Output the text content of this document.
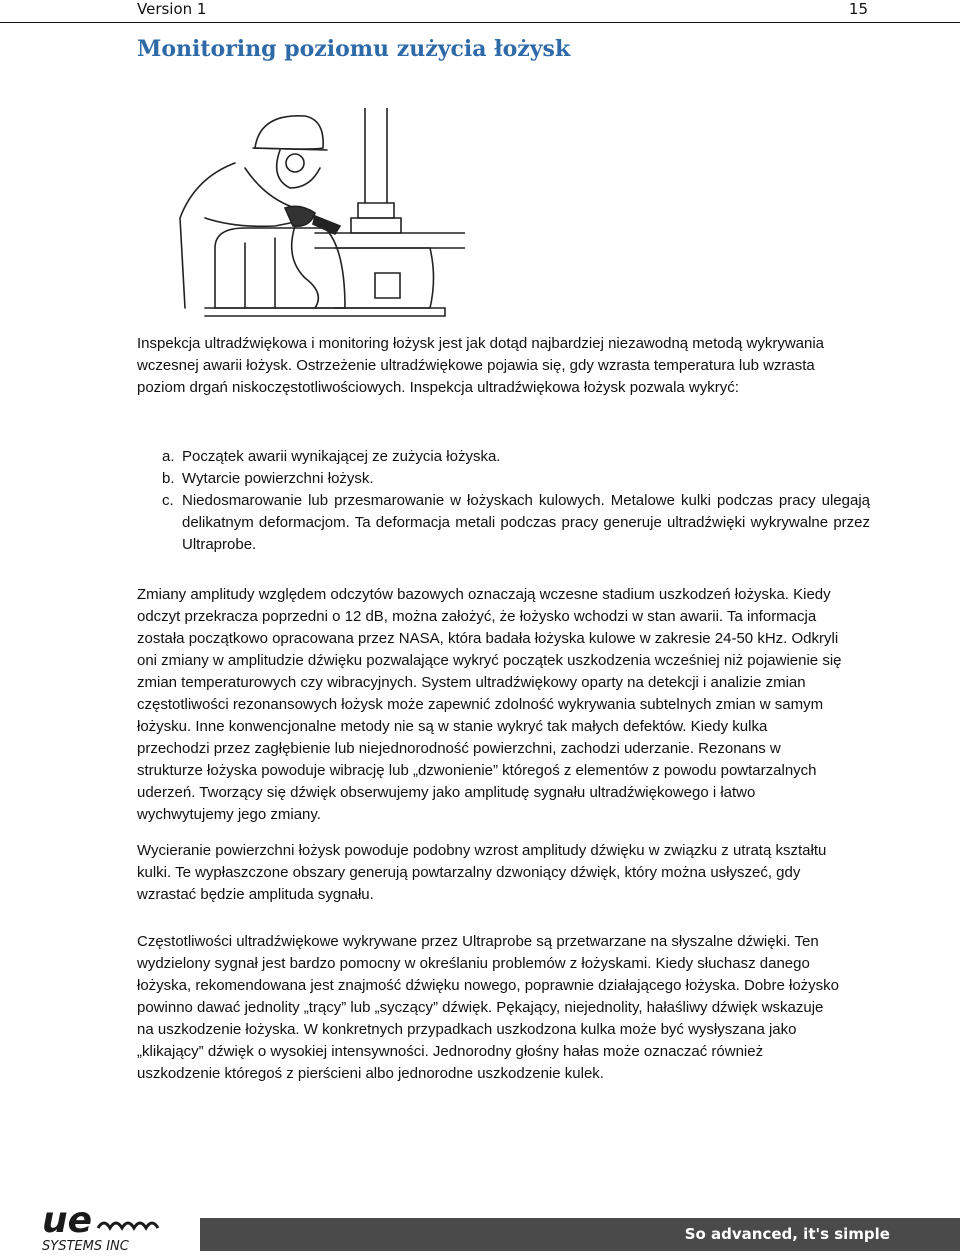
Version 1	15
Monitoring poziomu zużycia łożysk

Inspekcja ultradźwiękowa i monitoring łożysk jest jak dotąd najbardziej niezawodną metodą wykrywania wczesnej awarii łożysk. Ostrzeżenie ultradźwiękowe pojawia się, gdy wzrasta temperatura lub wzrasta poziom drgań niskoczęstotliwościowych. Inspekcja ultradźwiękowa łożysk pozwala wykryć:

a. Początek awarii wynikającej ze zużycia łożyska.
b. Wytarcie powierzchni łożysk.
c. Niedosmarowanie lub przesmarowanie w łożyskach kulowych. Metalowe kulki podczas pracy ulegają delikatnym deformacjom. Ta deformacja metali podczas pracy generuje ultradźwięki wykrywalne przez Ultraprobe.

Zmiany amplitudy względem odczytów bazowych oznaczają wczesne stadium uszkodzeń łożyska. Kiedy odczyt przekracza poprzedni o 12 dB, można założyć, że łożysko wchodzi w stan awarii. Ta informacja została początkowo opracowana przez NASA, która badała łożyska kulowe w zakresie 24-50 kHz. Odkryli oni zmiany w amplitudzie dźwięku pozwalające wykryć początek uszkodzenia wcześniej niż pojawienie się zmian temperaturowych czy wibracyjnych. System ultradźwiękowy oparty na detekcji i analizie zmian częstotliwości rezonansowych łożysk może zapewnić zdolność wykrywania subtelnych zmian w samym łożysku. Inne konwencjonalne metody nie są w stanie wykryć tak małych defektów. Kiedy kulka przechodzi przez zagłębienie lub niejednorodność powierzchni, zachodzi uderzanie. Rezonans w strukturze łożyska powoduje wibrację lub „dzwonienie” któregoś z elementów z powodu powtarzalnych uderzeń. Tworzący się dźwięk obserwujemy jako amplitudę sygnału ultradźwiękowego i łatwo wychwytujemy jego zmiany.

Wycieranie powierzchni łożysk powoduje podobny wzrost amplitudy dźwięku w związku z utratą kształtu kulki. Te wypłaszczone obszary generują powtarzalny dzwoniący dźwięk, który można usłyszeć, gdy wzrastać będzie amplituda sygnału.

Częstotliwości ultradźwiękowe wykrywane przez Ultraprobe są przetwarzane na słyszalne dźwięki. Ten wydzielony sygnał jest bardzo pomocny w określaniu problemów z łożyskami. Kiedy słuchasz danego łożyska, rekomendowana jest znajmość dźwięku nowego, poprawnie działającego łożyska. Dobre łożysko powinno dawać jednolity „trący” lub „syczący” dźwięk. Pękający, niejednolity, hałaśliwy dźwięk wskazuje na uszkodzenie łożyska. W konkretnych przypadkach uszkodzona kulka może być wysłyszana jako „klikający” dźwięk o wysokiej intensywności. Jednorodny głośny hałas może oznaczać również uszkodzenie któregoś z pierścieni albo jednorodne uszkodzenie kulek.

ue
SYSTEMS INC
So advanced, it's simple
